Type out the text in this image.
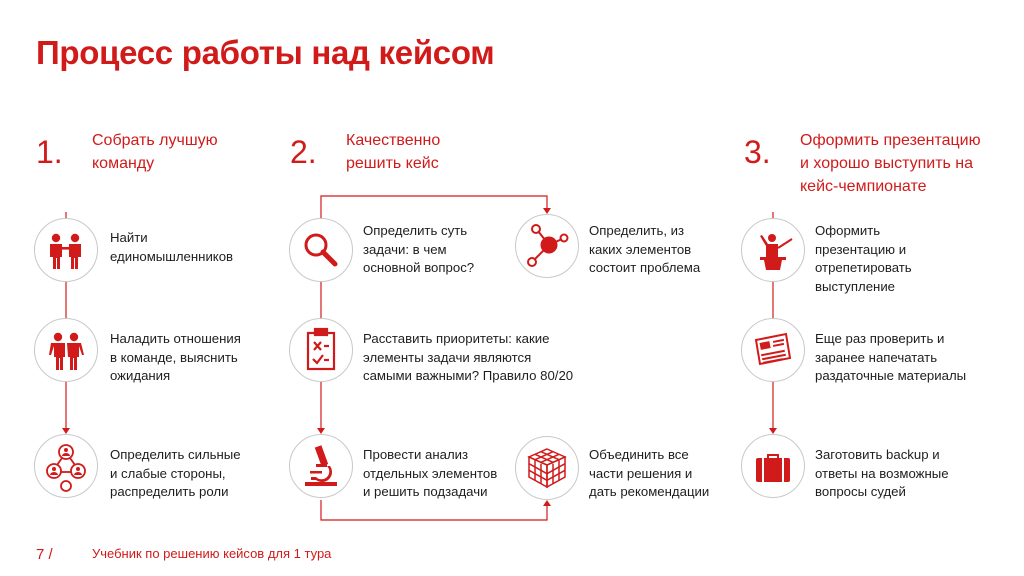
Процесс работы над кейсом
1. Собрать лучшую
команду	2. Качественно
решить кейс	3. Оформить презентацию
и хорошо выступить на
кейс-чемпионате
Найти
единомышленников
Наладить отношения
в команде, выяснить
ожидания
Определить сильные
и слабые стороны,
распределить роли
Определить суть
задачи: в чем
основной вопрос?
Определить, из
каких элементов
состоит проблема
Расставить приоритеты: какие
элементы задачи являются
самыми важными? Правило 80/20
Провести анализ
отдельных элементов
и решить подзадачи
Объединить все
части решения и
дать рекомендации
Оформить
презентацию и
отрепетировать
выступление
Еще раз проверить и
заранее напечатать
раздаточные материалы
Заготовить backup и
ответы на возможные
вопросы судей
7 /	Учебник по решению кейсов для 1 тура
